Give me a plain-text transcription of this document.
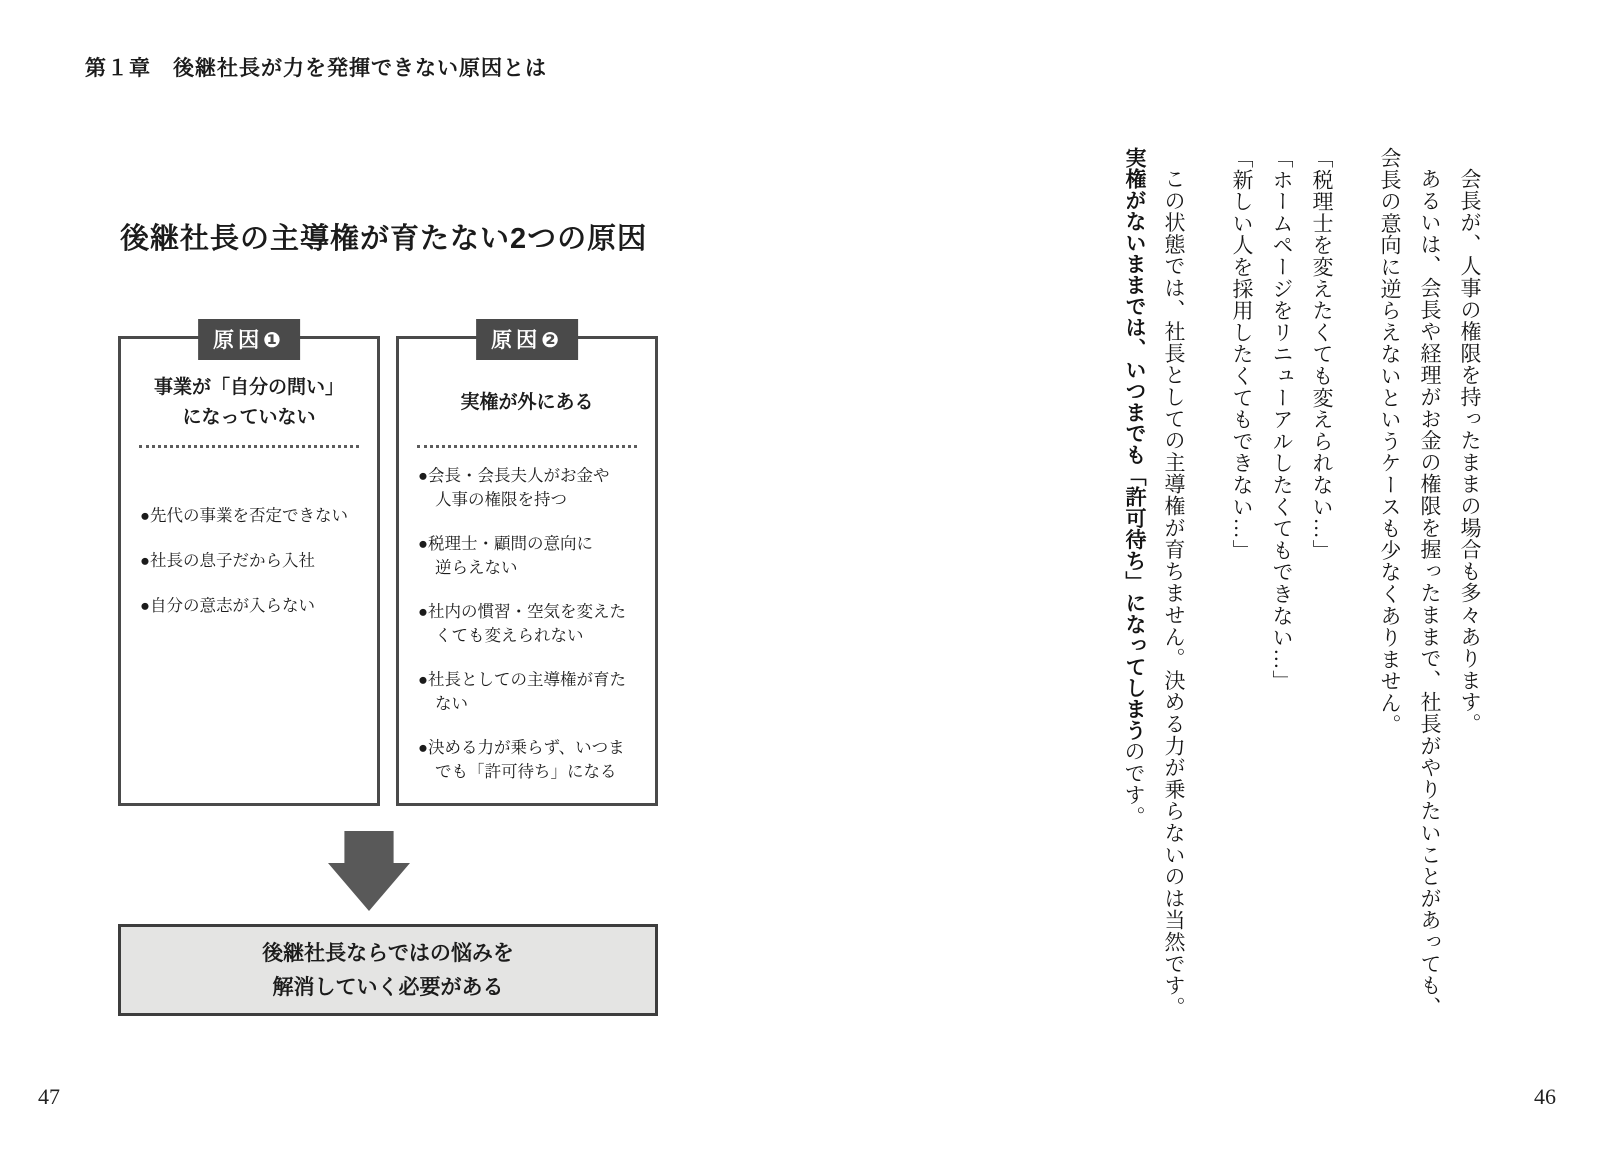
第１章　後継社長が力を発揮できない原因とは
後継社長の主導権が育たない2つの原因
原因❶
事業が「自分の問い」
になっていない
●先代の事業を否定できない
●社長の息子だから入社
●自分の意志が入らない
原因❷
実権が外にある
●会長・会長夫人がお金や
人事の権限を持つ
●税理士・顧問の意向に
逆らえない
●社内の慣習・空気を変えた
くても変えられない
●社長としての主導権が育た
ない
●決める力が乗らず、いつま
でも「許可待ち」になる
後継社長ならではの悩みを
解消していく必要がある

会長が、人事の権限を持ったままの場合も多々あります。

あるいは、会長や経理がお金の権限を握ったままで、社長がやりたいことがあっても、

会長の意向に逆らえないというケースも少なくありません。

「税理士を変えたくても変えられない…」

「ホームページをリニューアルしたくてもできない…」

「新しい人を採用したくてもできない…」

この状態では、社長としての主導権が育ちません。決める力が乗らないのは当然です。

実権がないままでは、いつまでも「許可待ち」になってしまうのです。

47	46
